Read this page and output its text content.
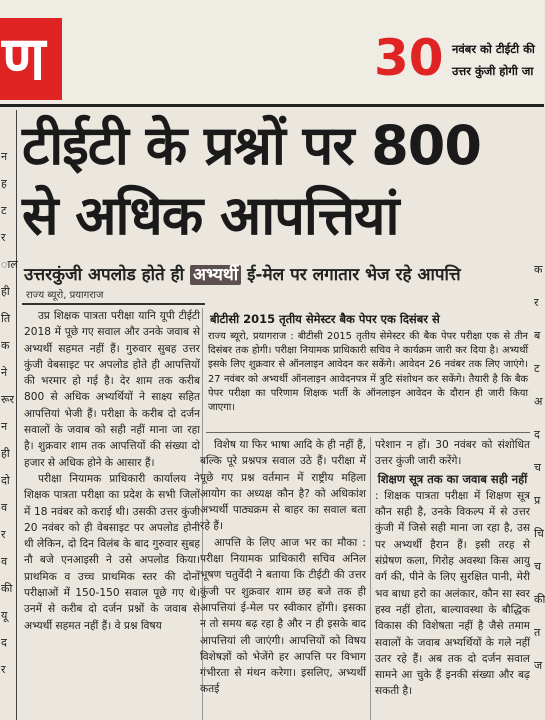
ण	30 नवंबर को टीईटी की
उत्तर कुंजी होगी जा
न
ह
ट
र
ाल
ही
ति
क
ने
रूर
न
ही
दो
व
र
व
की
यू
द
र
क
र
ब
ट
अ
द
च
प्र
चि
च
की
त
ज
टीईटी के प्रश्नों पर 800
से अधिक आपत्तियां
उत्तरकुंजी अपलोड होते ही अभ्यर्थी ई-मेल पर लगातार भेज रहे आपत्ति
राज्य ब्यूरो, प्रयागराज

उप्र शिक्षक पात्रता परीक्षा यानि यूपी टीईटी 2018 में पूछे गए सवाल और उनके जवाब से अभ्यर्थी सहमत नहीं हैं। गुरुवार सुबह उत्तर कुंजी वेबसाइट पर अपलोड होते ही आपत्तियों की भरमार हो गई है। देर शाम तक करीब 800 से अधिक अभ्यर्थियों ने साक्ष्य सहित आपत्तियां भेजी हैं। परीक्षा के करीब दो दर्जन सवालों के जवाब को सही नहीं माना जा रहा है। शुक्रवार शाम तक आपत्तियों की संख्या दो हजार से अधिक होने के आसार हैं।

परीक्षा नियामक प्राधिकारी कार्यालय ने शिक्षक पात्रता परीक्षा का प्रदेश के सभी जिलों में 18 नवंबर को कराई थी। उसकी उत्तर कुंजी 20 नवंबर को ही वेबसाइट पर अपलोड होनी थी लेकिन, दो दिन विलंब के बाद गुरुवार सुबह नौ बजे एनआइसी ने उसे अपलोड किया। प्राथमिक व उच्च प्राथमिक स्तर की दोनों परीक्षाओं में 150-150 सवाल पूछे गए थे। उनमें से करीब दो दर्जन प्रश्नों के जवाब से अभ्यर्थी सहमत नहीं हैं। वे प्रश्न विषय

बीटीसी 2015 तृतीय सेमेस्टर बैक पेपर एक दिसंबर से
राज्य ब्यूरो, प्रयागराज : बीटीसी 2015 तृतीय सेमेस्टर की बैक पेपर परीक्षा एक से तीन दिसंबर तक होगी। परीक्षा नियामक प्राधिकारी सचिव ने कार्यक्रम जारी कर दिया है। अभ्यर्थी इसके लिए शुक्रवार से ऑनलाइन आवेदन कर सकेंगे। आवेदन 26 नवंबर तक लिए जाएंगे। 27 नवंबर को अभ्यर्थी ऑनलाइन आवेदनपत्र में त्रुटि संशोधन कर सकेंगे। तैयारी है कि बैक पेपर परीक्षा का परिणाम शिक्षक भर्ती के ऑनलाइन आवेदन के दौरान ही जारी किया जाएगा।

विशेष या फिर भाषा आदि के ही नहीं हैं, बल्कि पूरे प्रश्नपत्र सवाल उठे हैं। परीक्षा में पूछे गए प्रश्न वर्तमान में राष्ट्रीय महिला आयोग का अध्यक्ष कौन है? को अधिकांश अभ्यर्थी पाठ्यक्रम से बाहर का सवाल बता रहे हैं।

आपत्ति के लिए आज भर का मौका : परीक्षा नियामक प्राधिकारी सचिव अनिल भूषण चतुर्वेदी ने बताया कि टीईटी की उत्तर कुंजी पर शुक्रवार शाम छह बजे तक ही आपत्तियां ई-मेल पर स्वीकार होंगी। इसका न तो समय बढ़ रहा है और न ही इसके बाद आपत्तियां ली जाएंगी। आपत्तियों को विषय विशेषज्ञों को भेजेंगे हर आपत्ति पर विभाग गंभीरता से मंथन करेगा। इसलिए, अभ्यर्थी कतई

परेशान न हों। 30 नवंबर को संशोधित उत्तर कुंजी जारी करेंगे।

शिक्षण सूत्र तक का जवाब सही नहीं

: शिक्षक पात्रता परीक्षा में शिक्षण सूत्र कौन सही है, उनके विकल्प में से उत्तर कुंजी में जिसे सही माना जा रहा है, उस पर अभ्यर्थी हैरान हैं। इसी तरह से संप्रेषण कला, गिरोह अवस्था किस आयु वर्ग की, पीने के लिए सुरक्षित पानी, मेरी भव बाधा हरो का अलंकार, कौन सा स्वर हस्व नहीं होता, बाल्यावस्था के बौद्धिक विकास की विशेषता नहीं है जैसे तमाम सवालों के जवाब अभ्यर्थियों के गले नहीं उतर रहे हैं। अब तक दो दर्जन सवाल सामने आ चुके हैं इनकी संख्या और बढ़ सकती है।
